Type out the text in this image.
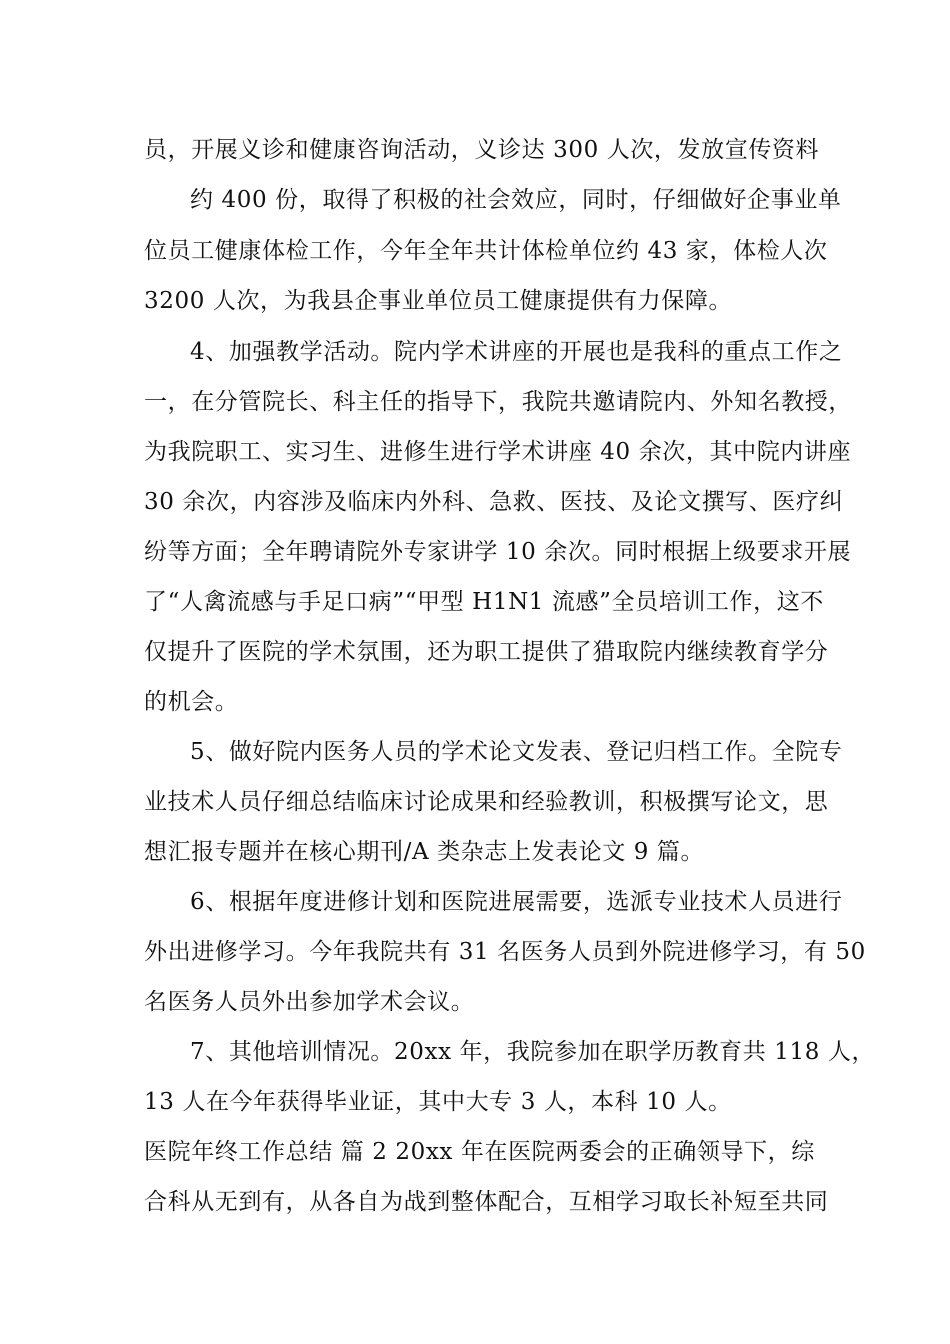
员，开展义诊和健康咨询活动，义诊达 300 人次，发放宣传资料
约 400 份，取得了积极的社会效应，同时，仔细做好企事业单
位员工健康体检工作，今年全年共计体检单位约 43 家，体检人次
3200 人次，为我县企事业单位员工健康提供有力保障。
4、加强教学活动。院内学术讲座的开展也是我科的重点工作之
一，在分管院长、科主任的指导下，我院共邀请院内、外知名教授，
为我院职工、实习生、进修生进行学术讲座 40 余次，其中院内讲座
30 余次，内容涉及临床内外科、急救、医技、及论文撰写、医疗纠
纷等方面；全年聘请院外专家讲学 10 余次。同时根据上级要求开展
了“人禽流感与手足口病”“甲型 H1N1 流感”全员培训工作，这不
仅提升了医院的学术氛围，还为职工提供了猎取院内继续教育学分
的机会。
5、做好院内医务人员的学术论文发表、登记归档工作。全院专
业技术人员仔细总结临床讨论成果和经验教训，积极撰写论文，思
想汇报专题并在核心期刊/A 类杂志上发表论文 9 篇。
6、根据年度进修计划和医院进展需要，选派专业技术人员进行
外出进修学习。今年我院共有 31 名医务人员到外院进修学习，有 50
名医务人员外出参加学术会议。
7、其他培训情况。20xx 年，我院参加在职学历教育共 118 人，
13 人在今年获得毕业证，其中大专 3 人，本科 10 人。
医院年终工作总结 篇 2 20xx 年在医院两委会的正确领导下，综
合科从无到有，从各自为战到整体配合，互相学习取长补短至共同
